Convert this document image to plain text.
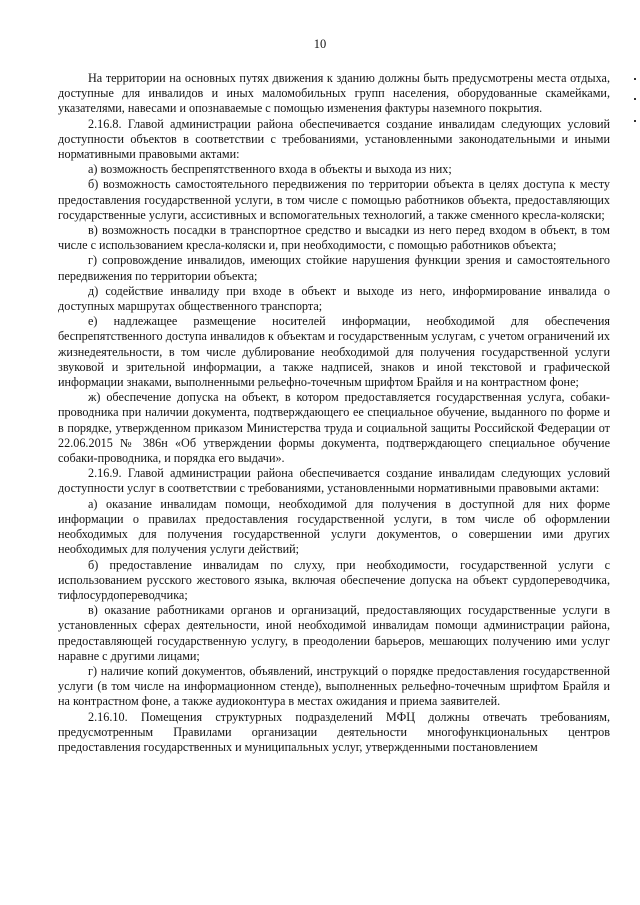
10

На территории на основных путях движения к зданию должны быть предусмотрены места отдыха, доступные для инвалидов и иных маломобильных групп населения, оборудованные скамейками, указателями, навесами и опознаваемые с помощью изменения фактуры наземного покрытия.

2.16.8. Главой администрации района обеспечивается создание инвалидам следующих условий доступности объектов в соответствии с требованиями, установленными законодательными и иными нормативными правовыми актами:

а) возможность беспрепятственного входа в объекты и выхода из них;

б) возможность самостоятельного передвижения по территории объекта в целях доступа к месту предоставления государственной услуги, в том числе с помощью работников объекта, предоставляющих государственные услуги, ассистивных и вспомогательных технологий, а также сменного кресла-коляски;

в) возможность посадки в транспортное средство и высадки из него перед входом в объект, в том числе с использованием кресла-коляски и, при необходимости, с помощью работников объекта;

г) сопровождение инвалидов, имеющих стойкие нарушения функции зрения и самостоятельного передвижения по территории объекта;

д) содействие инвалиду при входе в объект и выходе из него, информирование инвалида о доступных маршрутах общественного транспорта;

е) надлежащее размещение носителей информации, необходимой для обеспечения беспрепятственного доступа инвалидов к объектам и государственным услугам, с учетом ограничений их жизнедеятельности, в том числе дублирование необходимой для получения государственной услуги звуковой и зрительной информации, а также надписей, знаков и иной текстовой и графической информации знаками, выполненными рельефно-точечным шрифтом Брайля и на контрастном фоне;

ж) обеспечение допуска на объект, в котором предоставляется государственная услуга, собаки-проводника при наличии документа, подтверждающего ее специальное обучение, выданного по форме и в порядке, утвержденном приказом Министерства труда и социальной защиты Российской Федерации от 22.06.2015 № 386н «Об утверждении формы документа, подтверждающего специальное обучение собаки-проводника, и порядка его выдачи».

2.16.9. Главой администрации района обеспечивается создание инвалидам следующих условий доступности услуг в соответствии с требованиями, установленными нормативными правовыми актами:

а) оказание инвалидам помощи, необходимой для получения в доступной для них форме информации о правилах предоставления государственной услуги, в том числе об оформлении необходимых для получения государственной услуги документов, о совершении ими других необходимых для получения услуги действий;

б) предоставление инвалидам по слуху, при необходимости, государственной услуги с использованием русского жестового языка, включая обеспечение допуска на объект сурдопереводчика, тифлосурдопереводчика;

в) оказание работниками органов и организаций, предоставляющих государственные услуги в установленных сферах деятельности, иной необходимой инвалидам помощи администрации района, предоставляющей государственную услугу, в преодолении барьеров, мешающих получению ими услуг наравне с другими лицами;

г) наличие копий документов, объявлений, инструкций о порядке предоставления государственной услуги (в том числе на информационном стенде), выполненных рельефно-точечным шрифтом Брайля и на контрастном фоне, а также аудиоконтура в местах ожидания и приема заявителей.

2.16.10. Помещения структурных подразделений МФЦ должны отвечать требованиям, предусмотренным Правилами организации деятельности многофункциональных центров предоставления государственных и муниципальных услуг, утвержденными постановлением
